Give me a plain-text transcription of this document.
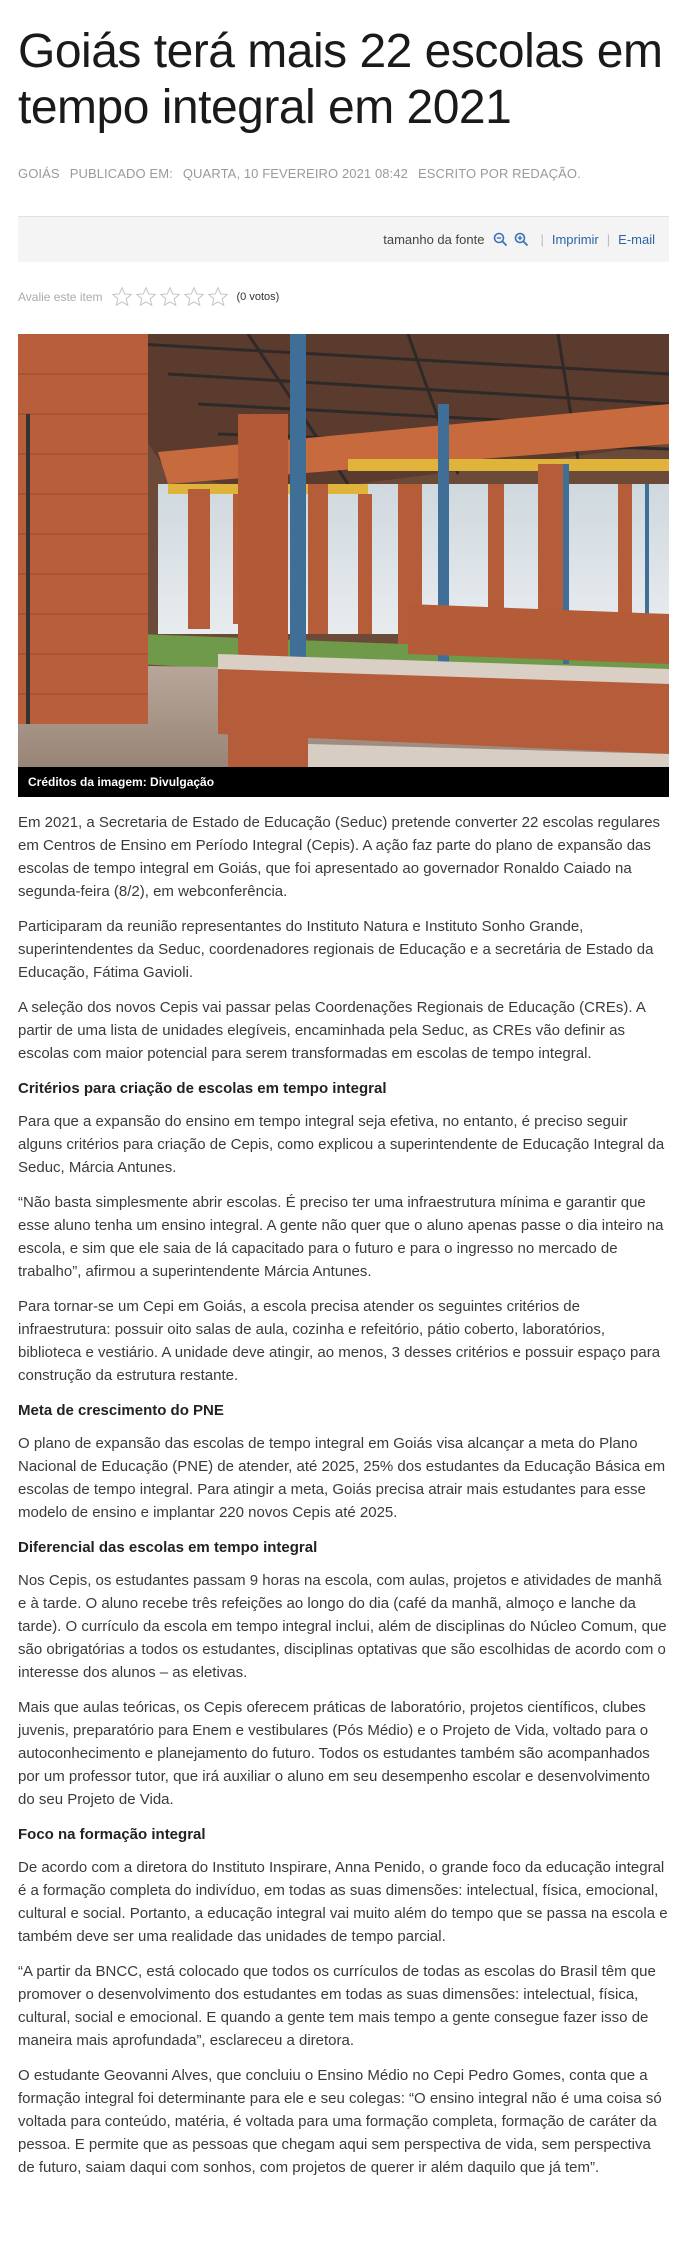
Goiás terá mais 22 escolas em tempo integral em 2021
GOIÁS PUBLICADO EM: QUARTA, 10 FEVEREIRO 2021 08:42 ESCRITO POR REDAÇÃO.
tamanho da fonte	| Imprimir | E-mail
Avalie este item	(0 votos)
Créditos da imagem: Divulgação

Em 2021, a Secretaria de Estado de Educação (Seduc) pretende converter 22 escolas regulares em Centros de Ensino em Período Integral (Cepis). A ação faz parte do plano de expansão das escolas de tempo integral em Goiás, que foi apresentado ao governador Ronaldo Caiado na segunda-feira (8/2), em webconferência.

Participaram da reunião representantes do Instituto Natura e Instituto Sonho Grande, superintendentes da Seduc, coordenadores regionais de Educação e a secretária de Estado da Educação, Fátima Gavioli.

A seleção dos novos Cepis vai passar pelas Coordenações Regionais de Educação (CREs). A partir de uma lista de unidades elegíveis, encaminhada pela Seduc, as CREs vão definir as escolas com maior potencial para serem transformadas em escolas de tempo integral.

Critérios para criação de escolas em tempo integral

Para que a expansão do ensino em tempo integral seja efetiva, no entanto, é preciso seguir alguns critérios para criação de Cepis, como explicou a superintendente de Educação Integral da Seduc, Márcia Antunes.

“Não basta simplesmente abrir escolas. É preciso ter uma infraestrutura mínima e garantir que esse aluno tenha um ensino integral. A gente não quer que o aluno apenas passe o dia inteiro na escola, e sim que ele saia de lá capacitado para o futuro e para o ingresso no mercado de trabalho”, afirmou a superintendente Márcia Antunes.

Para tornar-se um Cepi em Goiás, a escola precisa atender os seguintes critérios de infraestrutura: possuir oito salas de aula, cozinha e refeitório, pátio coberto, laboratórios, biblioteca e vestiário. A unidade deve atingir, ao menos, 3 desses critérios e possuir espaço para construção da estrutura restante.

Meta de crescimento do PNE

O plano de expansão das escolas de tempo integral em Goiás visa alcançar a meta do Plano Nacional de Educação (PNE) de atender, até 2025, 25% dos estudantes da Educação Básica em escolas de tempo integral. Para atingir a meta, Goiás precisa atrair mais estudantes para esse modelo de ensino e implantar 220 novos Cepis até 2025.

Diferencial das escolas em tempo integral

Nos Cepis, os estudantes passam 9 horas na escola, com aulas, projetos e atividades de manhã e à tarde. O aluno recebe três refeições ao longo do dia (café da manhã, almoço e lanche da tarde). O currículo da escola em tempo integral inclui, além de disciplinas do Núcleo Comum, que são obrigatórias a todos os estudantes, disciplinas optativas que são escolhidas de acordo com o interesse dos alunos – as eletivas.

Mais que aulas teóricas, os Cepis oferecem práticas de laboratório, projetos científicos, clubes juvenis, preparatório para Enem e vestibulares (Pós Médio) e o Projeto de Vida, voltado para o autoconhecimento e planejamento do futuro. Todos os estudantes também são acompanhados por um professor tutor, que irá auxiliar o aluno em seu desempenho escolar e desenvolvimento do seu Projeto de Vida.

Foco na formação integral

De acordo com a diretora do Instituto Inspirare, Anna Penido, o grande foco da educação integral é a formação completa do indivíduo, em todas as suas dimensões: intelectual, física, emocional, cultural e social. Portanto, a educação integral vai muito além do tempo que se passa na escola e também deve ser uma realidade das unidades de tempo parcial.

“A partir da BNCC, está colocado que todos os currículos de todas as escolas do Brasil têm que promover o desenvolvimento dos estudantes em todas as suas dimensões: intelectual, física, cultural, social e emocional. E quando a gente tem mais tempo a gente consegue fazer isso de maneira mais aprofundada”, esclareceu a diretora.

O estudante Geovanni Alves, que concluiu o Ensino Médio no Cepi Pedro Gomes, conta que a formação integral foi determinante para ele e seu colegas: “O ensino integral não é uma coisa só voltada para conteúdo, matéria, é voltada para uma formação completa, formação de caráter da pessoa. E permite que as pessoas que chegam aqui sem perspectiva de vida, sem perspectiva de futuro, saiam daqui com sonhos, com projetos de querer ir além daquilo que já tem”.
